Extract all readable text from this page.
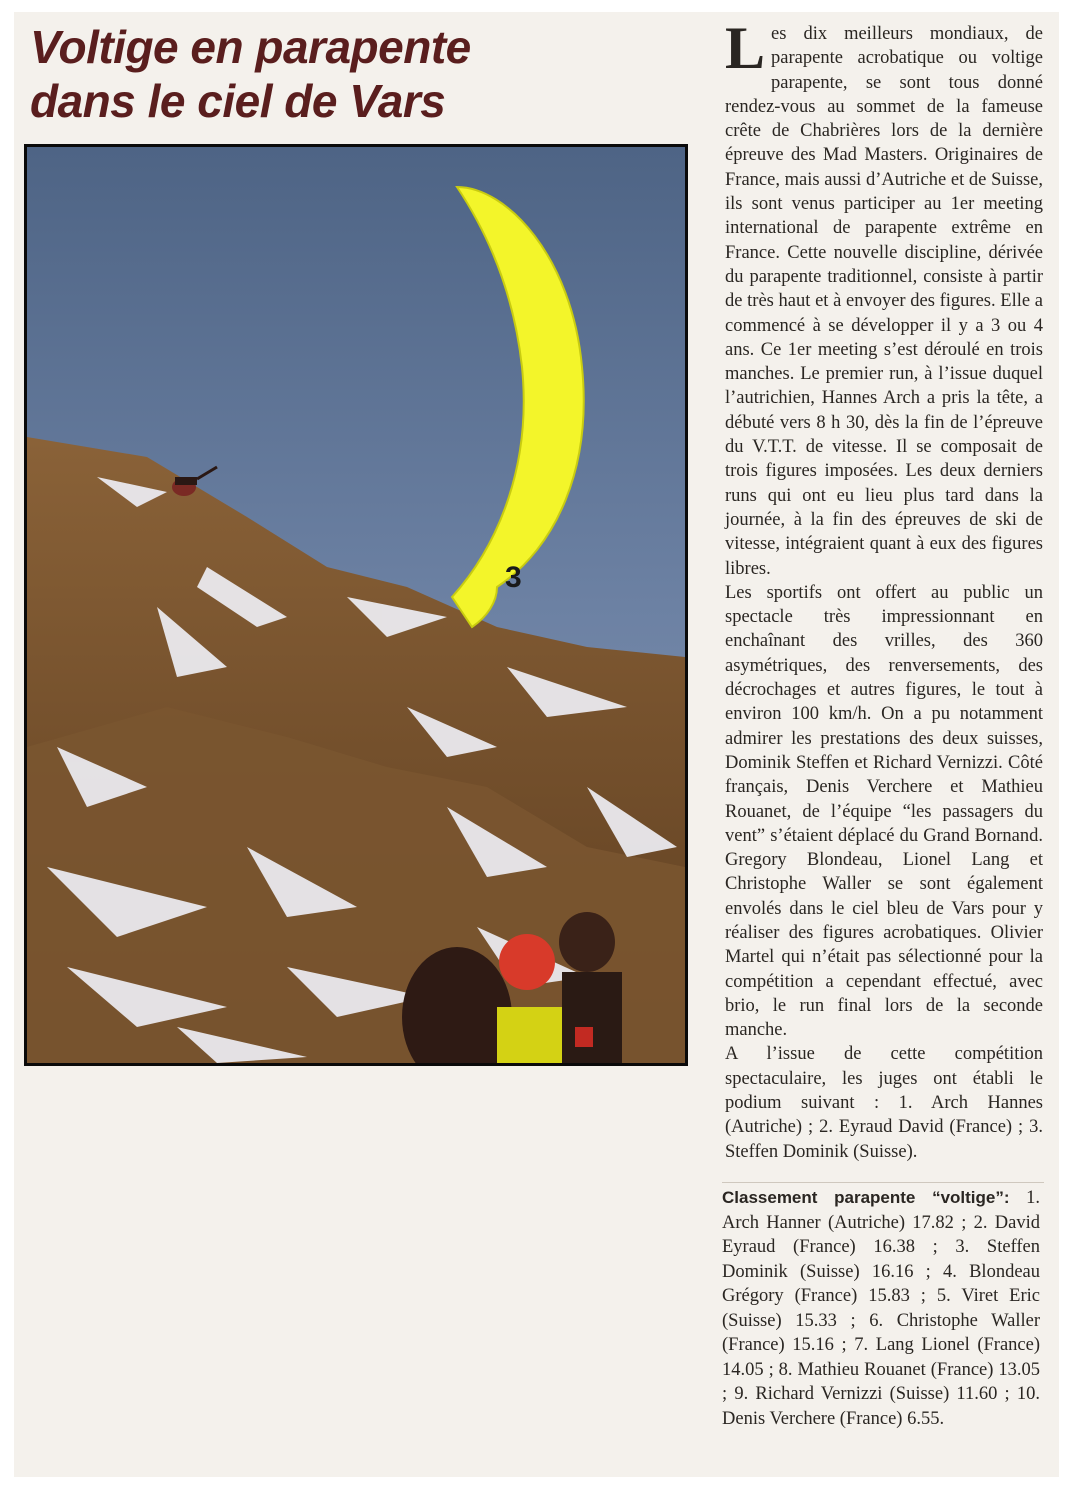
Voltige en parapente
dans le ciel de Vars
3

Les dix meilleurs mondiaux, de parapente acrobatique ou voltige parapente, se sont tous donné rendez-vous au sommet de la fameuse crête de Chabrières lors de la dernière épreuve des Mad Masters. Originaires de France, mais aussi d’Autriche et de Suisse, ils sont venus participer au 1er meeting international de parapente extrême en France. Cette nouvelle discipline, dérivée du parapente traditionnel, consiste à partir de très haut et à envoyer des figures. Elle a commencé à se développer il y a 3 ou 4 ans. Ce 1er meeting s’est déroulé en trois manches. Le premier run, à l’issue duquel l’autrichien, Hannes Arch a pris la tête, a débuté vers 8 h 30, dès la fin de l’épreuve du V.T.T. de vitesse. Il se composait de trois figures imposées. Les deux derniers runs qui ont eu lieu plus tard dans la journée, à la fin des épreuves de ski de vitesse, intégraient quant à eux des figures libres.

Les sportifs ont offert au public un spectacle très impressionnant en enchaînant des vrilles, des 360 asymétriques, des renversements, des décrochages et autres figures, le tout à environ 100 km/h. On a pu notamment admirer les prestations des deux suisses, Dominik Steffen et Richard Vernizzi. Côté français, Denis Verchere et Mathieu Rouanet, de l’équipe “les passagers du vent” s’étaient déplacé du Grand Bornand. Gregory Blondeau, Lionel Lang et Christophe Waller se sont également envolés dans le ciel bleu de Vars pour y réaliser des figures acrobatiques. Olivier Martel qui n’était pas sélectionné pour la compétition a cependant effectué, avec brio, le run final lors de la seconde manche.

A l’issue de cette compétition spectaculaire, les juges ont établi le podium suivant : 1. Arch Hannes (Autriche) ; 2. Eyraud David (France) ; 3. Steffen Dominik (Suisse).

Classement parapente “voltige”: 1. Arch Hanner (Autriche) 17.82 ; 2. David Eyraud (France) 16.38 ; 3. Steffen Dominik (Suisse) 16.16 ; 4. Blondeau Grégory (France) 15.83 ; 5. Viret Eric (Suisse) 15.33 ; 6. Christophe Waller (France) 15.16 ; 7. Lang Lionel (France) 14.05 ; 8. Mathieu Rouanet (France) 13.05 ; 9. Richard Vernizzi (Suisse) 11.60 ; 10. Denis Verchere (France) 6.55.
